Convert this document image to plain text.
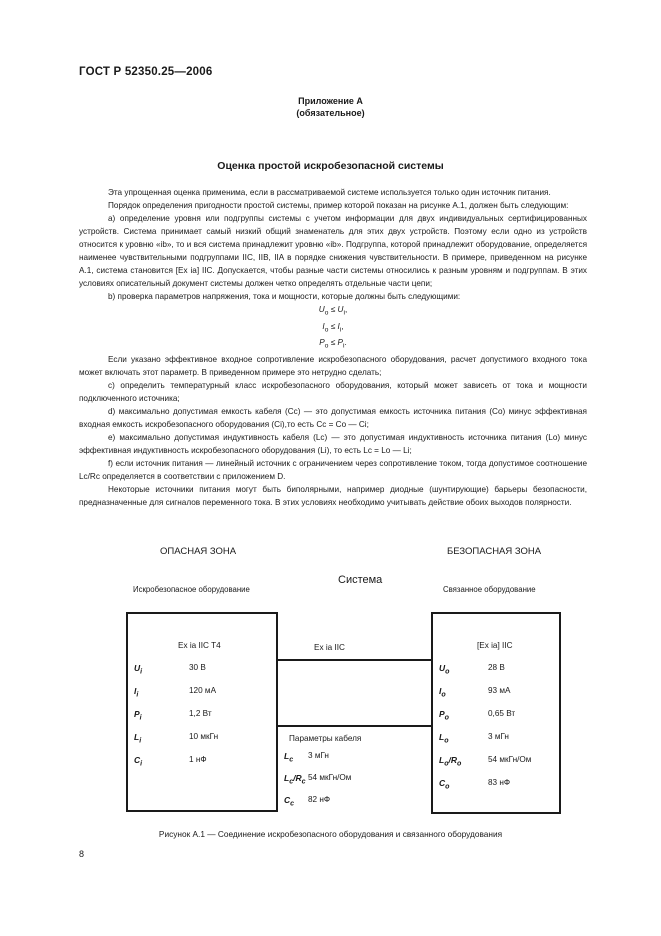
ГОСТ Р 52350.25—2006
Приложение А
(обязательное)
Оценка простой искробезопасной системы

Эта упрощенная оценка применима, если в рассматриваемой системе используется только один источник питания.

Порядок определения пригодности простой системы, пример которой показан на рисунке А.1, должен быть следующим:

a) определение уровня или подгруппы системы с учетом информации для двух индивидуальных сертифицированных устройств. Система принимает самый низкий общий знаменатель для этих двух устройств. Поэтому если одно из устройств относится к уровню «ib», то и вся система принадлежит уровню «ib». Подгруппа, которой принадлежит оборудование, определяется наименее чувствительными подгруппами IIC, IIB, IIA в порядке снижения чувствительности. В примере, приведенном на рисунке А.1, система становится [Ex ia] IIC. Допускается, чтобы разные части системы относились к разным уровням и подгруппам. В этих условиях описательный документ системы должен четко определять отдельные части цепи;

b) проверка параметров напряжения, тока и мощности, которые должны быть следующими:

$U_o \le U_i$,

$I_o \le I_i$,

$P_o \le P_i$.

Если указано эффективное входное сопротивление искробезопасного оборудования, расчет допустимого входного тока может включать этот параметр. В приведенном примере это нетрудно сделать;

c) определить температурный класс искробезопасного оборудования, который может зависеть от тока и мощности подключенного источника;

d) максимально допустимая емкость кабеля (Cc) — это допустимая емкость источника питания (Co) минус эффективная входная емкость искробезопасного оборудования (Ci),то есть Cc = Co — Ci;

e) максимально допустимая индуктивность кабеля (Lc) — это допустимая индуктивность источника питания (Lo) минус эффективная индуктивность искробезопасного оборудования (Li), то есть Lc = Lo — Li;

f) если источник питания — линейный источник с ограничением через сопротивление током, тогда допустимое соотношение Lc/Rc определяется в соответствии с приложением D.

Некоторые источники питания могут быть биполярными, например диодные (шунтирующие) барьеры безопасности, предназначенные для сигналов переменного тока. В этих условиях необходимо учитывать действие обоих выходов полярности.

ОПАСНАЯ ЗОНА	БЕЗОПАСНАЯ ЗОНА
Система
Искробезопасное оборудование	Связанное оборудование
Ex ia IIC T4
$U_i$	30 В
$I_i$	120 мА
$P_i$	1,2 Вт
$L_i$	10 мкГн
$C_i$	1 нФ
[Ex ia] IIC
$U_o$	28 В
$I_o$	93 мА
$P_o$	0,65 Вт
$L_o$	3 мГн
$L_o/R_o$	54 мкГн/Ом
$C_o$	83 нФ
Ex ia IIC
Параметры кабеля
$L_c$ 3 мГн
$L_c/R_c$ 54 мкГн/Ом
$C_c$ 82 нФ
Рисунок А.1 — Соединение искробезопасного оборудования и связанного оборудования
8
